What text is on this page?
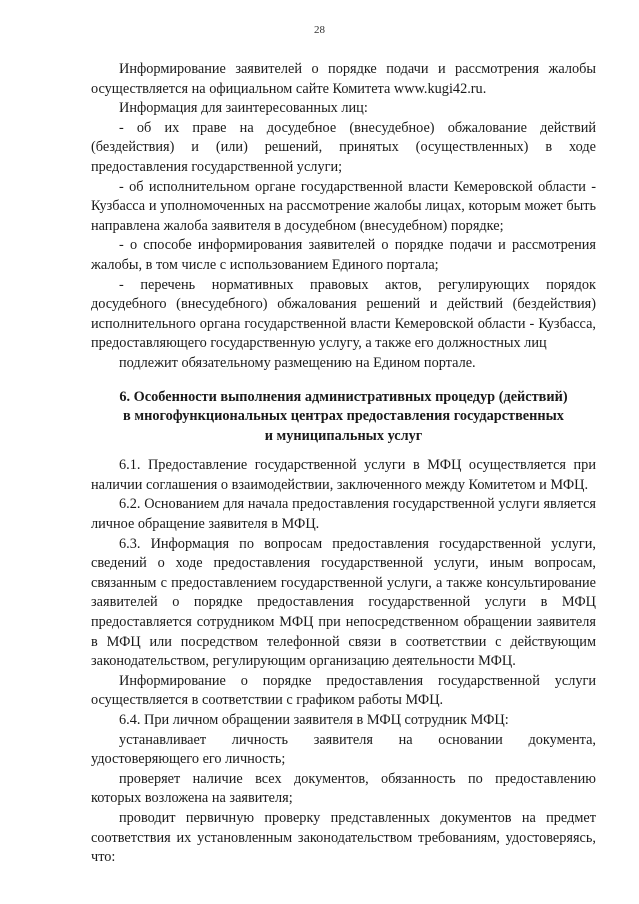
28

Информирование заявителей о порядке подачи и рассмотрения жалобы осуществляется на официальном сайте Комитета www.kugi42.ru.

Информация для заинтересованных лиц:

- об их праве на досудебное (внесудебное) обжалование действий (бездействия) и (или) решений, принятых (осуществленных) в ходе предоставления государственной услуги;

- об исполнительном органе государственной власти Кемеровской области - Кузбасса и уполномоченных на рассмотрение жалобы лицах, которым может быть направлена жалоба заявителя в досудебном (внесудебном) порядке;

- о способе информирования заявителей о порядке подачи и рассмотрения жалобы, в том числе с использованием Единого портала;

- перечень нормативных правовых актов, регулирующих порядок досудебного (внесудебного) обжалования решений и действий (бездействия) исполнительного органа государственной власти Кемеровской области - Кузбасса, предоставляющего государственную услугу, а также его должностных лиц

подлежит обязательному размещению на Едином портале.

6. Особенности выполнения административных процедур (действий) в многофункциональных центрах предоставления государственных и муниципальных услуг

6.1. Предоставление государственной услуги в МФЦ осуществляется при наличии соглашения о взаимодействии, заключенного между Комитетом и МФЦ.

6.2. Основанием для начала предоставления государственной услуги является личное обращение заявителя в МФЦ.

6.3. Информация по вопросам предоставления государственной услуги, сведений о ходе предоставления государственной услуги, иным вопросам, связанным с предоставлением государственной услуги, а также консультирование заявителей о порядке предоставления государственной услуги в МФЦ предоставляется сотрудником МФЦ при непосредственном обращении заявителя в МФЦ или посредством телефонной связи в соответствии с действующим законодательством, регулирующим организацию деятельности МФЦ.

Информирование о порядке предоставления государственной услуги осуществляется в соответствии с графиком работы МФЦ.

6.4. При личном обращении заявителя в МФЦ сотрудник МФЦ:

устанавливает личность заявителя на основании документа, удостоверяющего его личность;

проверяет наличие всех документов, обязанность по предоставлению которых возложена на заявителя;

проводит первичную проверку представленных документов на предмет соответствия их установленным законодательством требованиям, удостоверяясь, что:
